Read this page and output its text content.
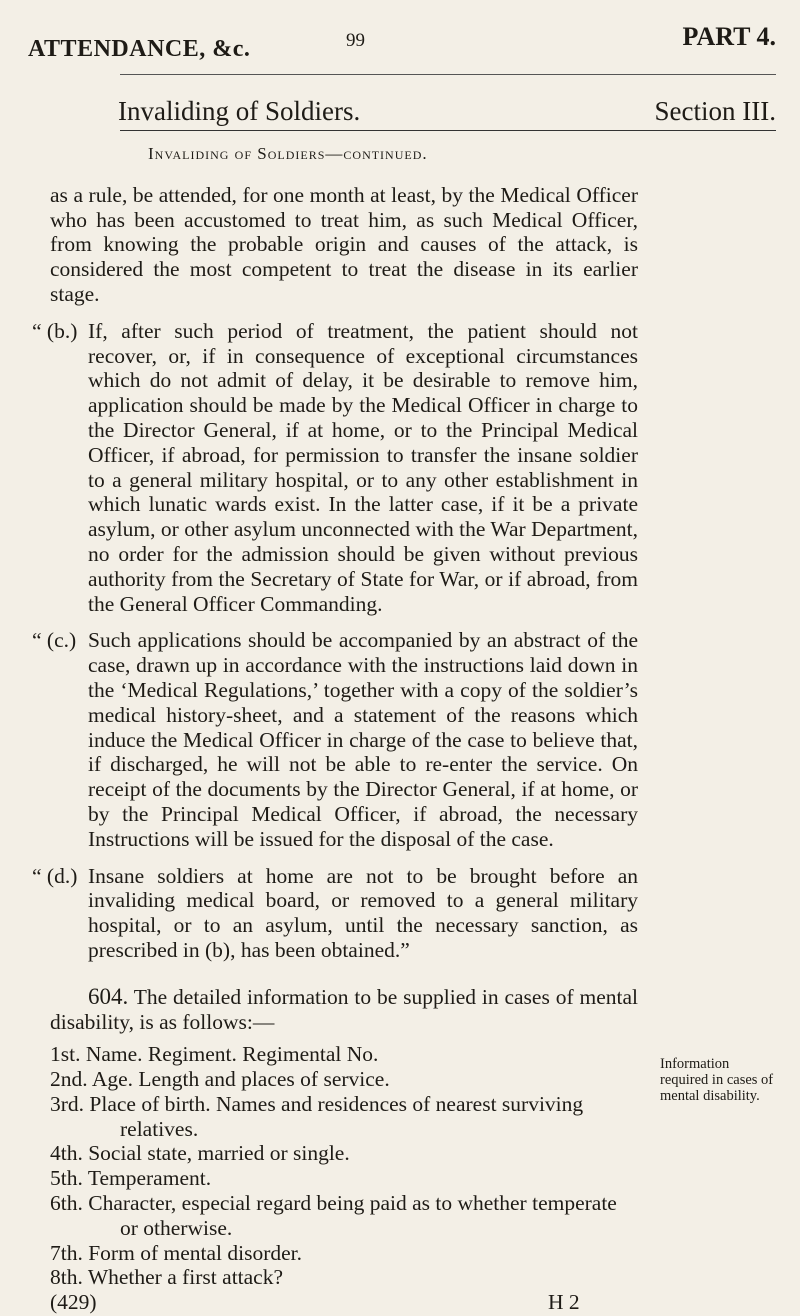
ATTENDANCE, &c.	99	PART 4.
Invaliding of Soldiers.	Section III.
Invaliding of Soldiers—continued.

as a rule, be attended, for one month at least, by the Medical Officer who has been accustomed to treat him, as such Medical Officer, from knowing the probable origin and causes of the attack, is considered the most competent to treat the disease in its earlier stage.

“ (b.) If, after such period of treatment, the patient should not recover, or, if in consequence of exceptional circumstances which do not admit of delay, it be desirable to remove him, application should be made by the Medical Officer in charge to the Director General, if at home, or to the Principal Medical Officer, if abroad, for permission to transfer the insane soldier to a general military hospital, or to any other establishment in which lunatic wards exist. In the latter case, if it be a private asylum, or other asylum unconnected with the War Department, no order for the admission should be given without previous authority from the Secretary of State for War, or if abroad, from the General Officer Commanding.

“ (c.) Such applications should be accompanied by an abstract of the case, drawn up in accordance with the instructions laid down in the ‘Medical Regulations,’ together with a copy of the soldier’s medical history-sheet, and a statement of the reasons which induce the Medical Officer in charge of the case to believe that, if discharged, he will not be able to re-enter the service. On receipt of the documents by the Director General, if at home, or by the Principal Medical Officer, if abroad, the necessary Instructions will be issued for the disposal of the case.

“ (d.) Insane soldiers at home are not to be brought before an invaliding medical board, or removed to a general military hospital, or to an asylum, until the necessary sanction, as prescribed in (b), has been obtained.”

604. The detailed information to be supplied in cases of mental disability, is as follows:—

1st. Name. Regiment. Regimental No.
2nd. Age. Length and places of service.
3rd. Place of birth. Names and residences of nearest surviving relatives.
4th. Social state, married or single.
5th. Temperament.
6th. Character, especial regard being paid as to whether temperate or otherwise.
7th. Form of mental disorder.
8th. Whether a first attack?
(429)	H 2
Information required in cases of mental disability.
